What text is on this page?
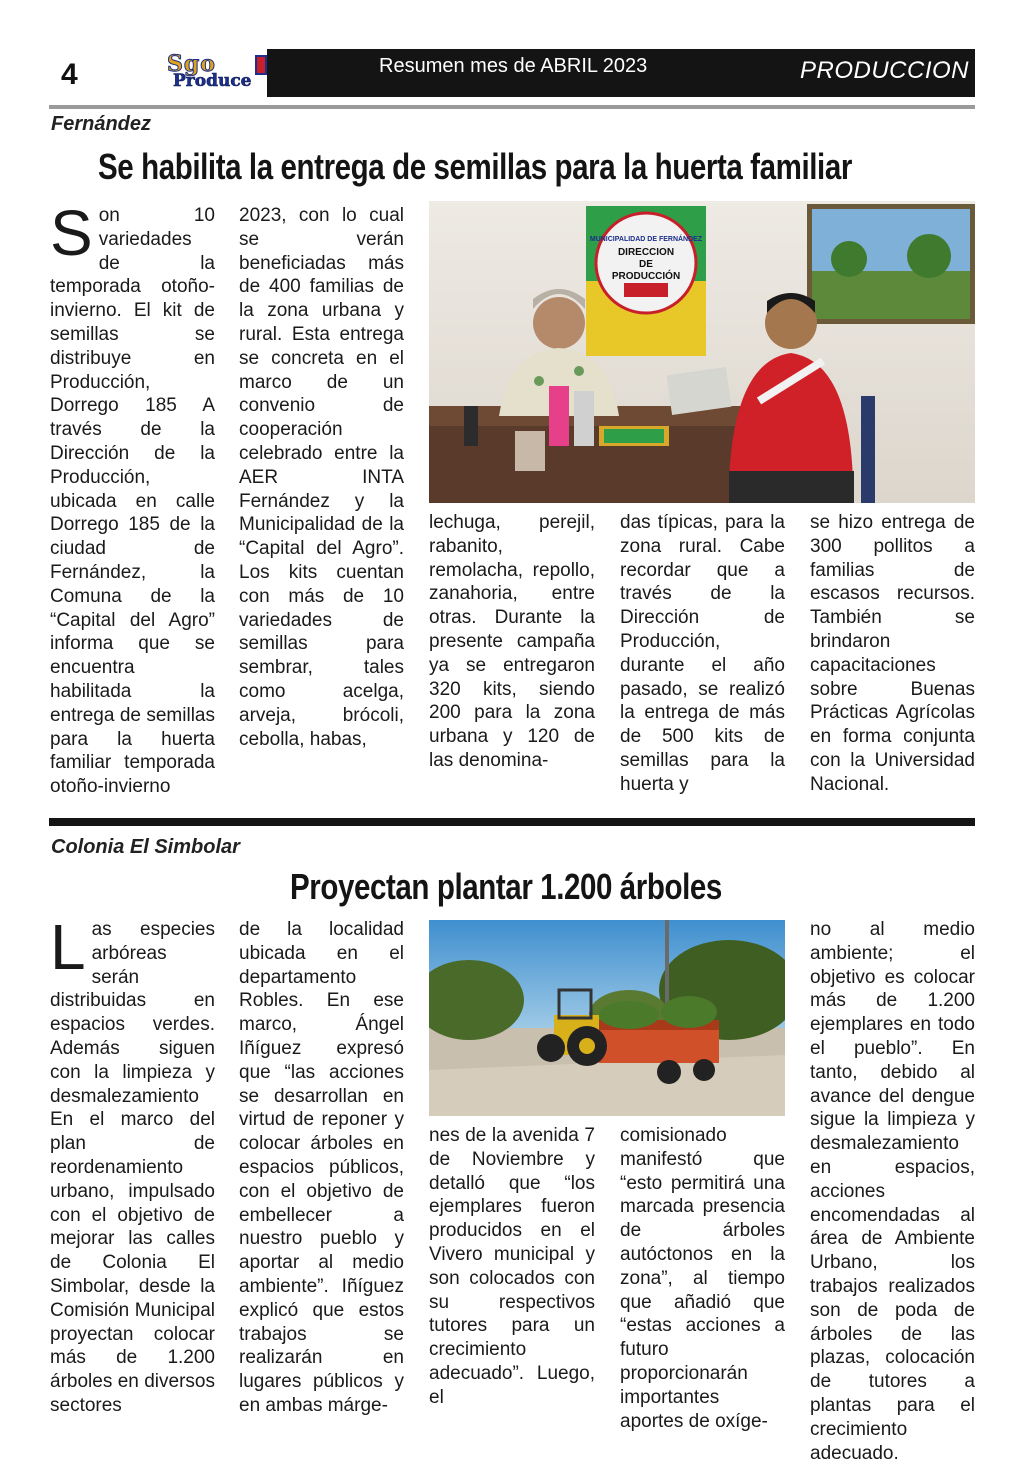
4	Sgo
Produce
Resumen mes de ABRIL 2023	PRODUCCION
Fernández
Se habilita la entrega de semillas para la huerta familiar
S on 10 variedades de la temporada otoño-invierno. El kit de semillas se distribuye en Producción, Dorrego 185 A través de la Dirección de la Producción, ubicada en calle Dorrego 185 de la ciudad de Fernández, la Comuna de la “Capital del Agro” informa que se encuentra habilitada la entrega de semillas para la huerta familiar temporada otoño-invierno
2023, con lo cual se verán beneficiadas más de 400 familias de la zona urbana y rural. Esta entrega se concreta en el marco de un convenio de cooperación celebrado entre la AER INTA Fernández y la Municipalidad de la “Capital del Agro”. Los kits cuentan con más de 10 variedades de semillas para sembrar, tales como acelga, arveja, brócoli, cebolla, habas,
MUNICIPALIDAD DE FERNÁNDEZ
DIRECCION
DE
PRODUCCIÓN
lechuga, perejil, rabanito, remolacha, repollo, zanahoria, entre otras. Durante la presente campaña ya se entregaron 320 kits, siendo 200 para la zona urbana y 120 de las denomina-
das típicas, para la zona rural. Cabe recordar que a través de la Dirección de Producción, durante el año pasado, se realizó la entrega de más de 500 kits de semillas para la huerta y
se hizo entrega de 300 pollitos a familias de escasos recursos. También se brindaron capacitaciones sobre Buenas Prácticas Agrícolas en forma conjunta con la Universidad Nacional.
Colonia El Simbolar
Proyectan plantar 1.200 árboles
L as especies arbóreas serán distribuidas en espacios verdes. Además siguen con la limpieza y desmalezamiento En el marco del plan de reordenamiento urbano, impulsado con el objetivo de mejorar las calles de Colonia El Simbolar, desde la Comisión Municipal proyectan colocar más de 1.200 árboles en diversos sectores
de la localidad ubicada en el departamento Robles. En ese marco, Ángel Iñíguez expresó que “las acciones se desarrollan en virtud de reponer y colocar árboles en espacios públicos, con el objetivo de embellecer a nuestro pueblo y aportar al medio ambiente”. Iñíguez explicó que estos trabajos se realizarán en lugares públicos y en ambas márge-
nes de la avenida 7 de Noviembre y detalló que “los ejemplares fueron producidos en el Vivero municipal y son colocados con su respectivos tutores para un crecimiento adecuado”. Luego, el
comisionado manifestó que “esto permitirá una marcada presencia de árboles autóctonos en la zona”, al tiempo que añadió que “estas acciones a futuro proporcionarán importantes aportes de oxíge-
no al medio ambiente; el objetivo es colocar más de 1.200 ejemplares en todo el pueblo”. En tanto, debido al avance del dengue sigue la limpieza y desmalezamiento en espacios, acciones encomendadas al área de Ambiente Urbano, los trabajos realizados son de poda de árboles de las plazas, colocación de tutores a plantas para el crecimiento adecuado.
